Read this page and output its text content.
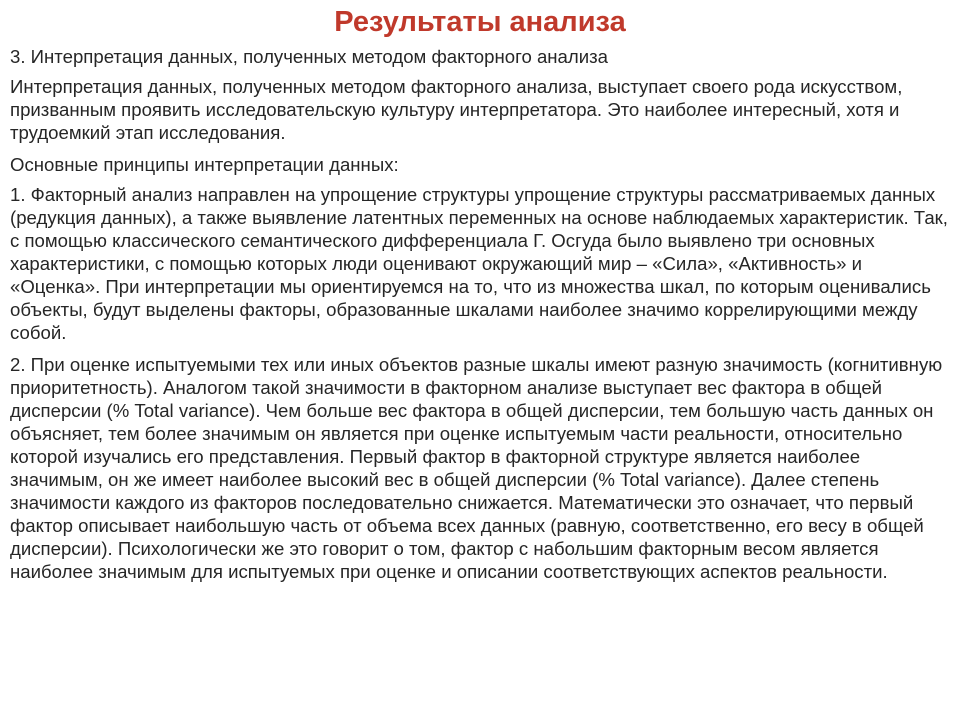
Результаты анализа

3. Интерпретация данных, полученных методом факторного анализа

Интерпретация данных, полученных методом факторного анализа, выступает своего рода искусством, призванным проявить исследовательскую культуру интерпретатора. Это наиболее интересный, хотя и трудоемкий этап исследования.

Основные принципы интерпретации данных:

1. Факторный анализ направлен на упрощение структуры упрощение структуры рассматриваемых данных (редукция данных), а также выявление латентных переменных на основе наблюдаемых характеристик. Так, с помощью классического семантического дифференциала Г. Осгуда было выявлено три основных характеристики, с помощью которых люди оценивают окружающий мир – «Сила», «Активность» и «Оценка». При интерпретации мы ориентируемся на то, что из множества шкал, по которым оценивались объекты, будут выделены факторы, образованные шкалами наиболее значимо коррелирующими между собой.

2. При оценке испытуемыми тех или иных объектов разные шкалы имеют разную значимость (когнитивную приоритетность). Аналогом такой значимости в факторном анализе выступает вес фактора в общей дисперсии (% Total variance). Чем больше вес фактора в общей дисперсии, тем большую часть данных он объясняет, тем более значимым он является при оценке испытуемым части реальности, относительно которой изучались его представления. Первый фактор в факторной структуре является наиболее значимым, он же имеет наиболее высокий вес в общей дисперсии (% Total variance). Далее степень значимости каждого из факторов последовательно снижается. Математически это означает, что первый фактор описывает наибольшую часть от объема всех данных (равную, соответственно, его весу в общей дисперсии). Психологически же это говорит о том, фактор с набольшим факторным весом является наиболее значимым для испытуемых при оценке и описании соответствующих аспектов реальности.
